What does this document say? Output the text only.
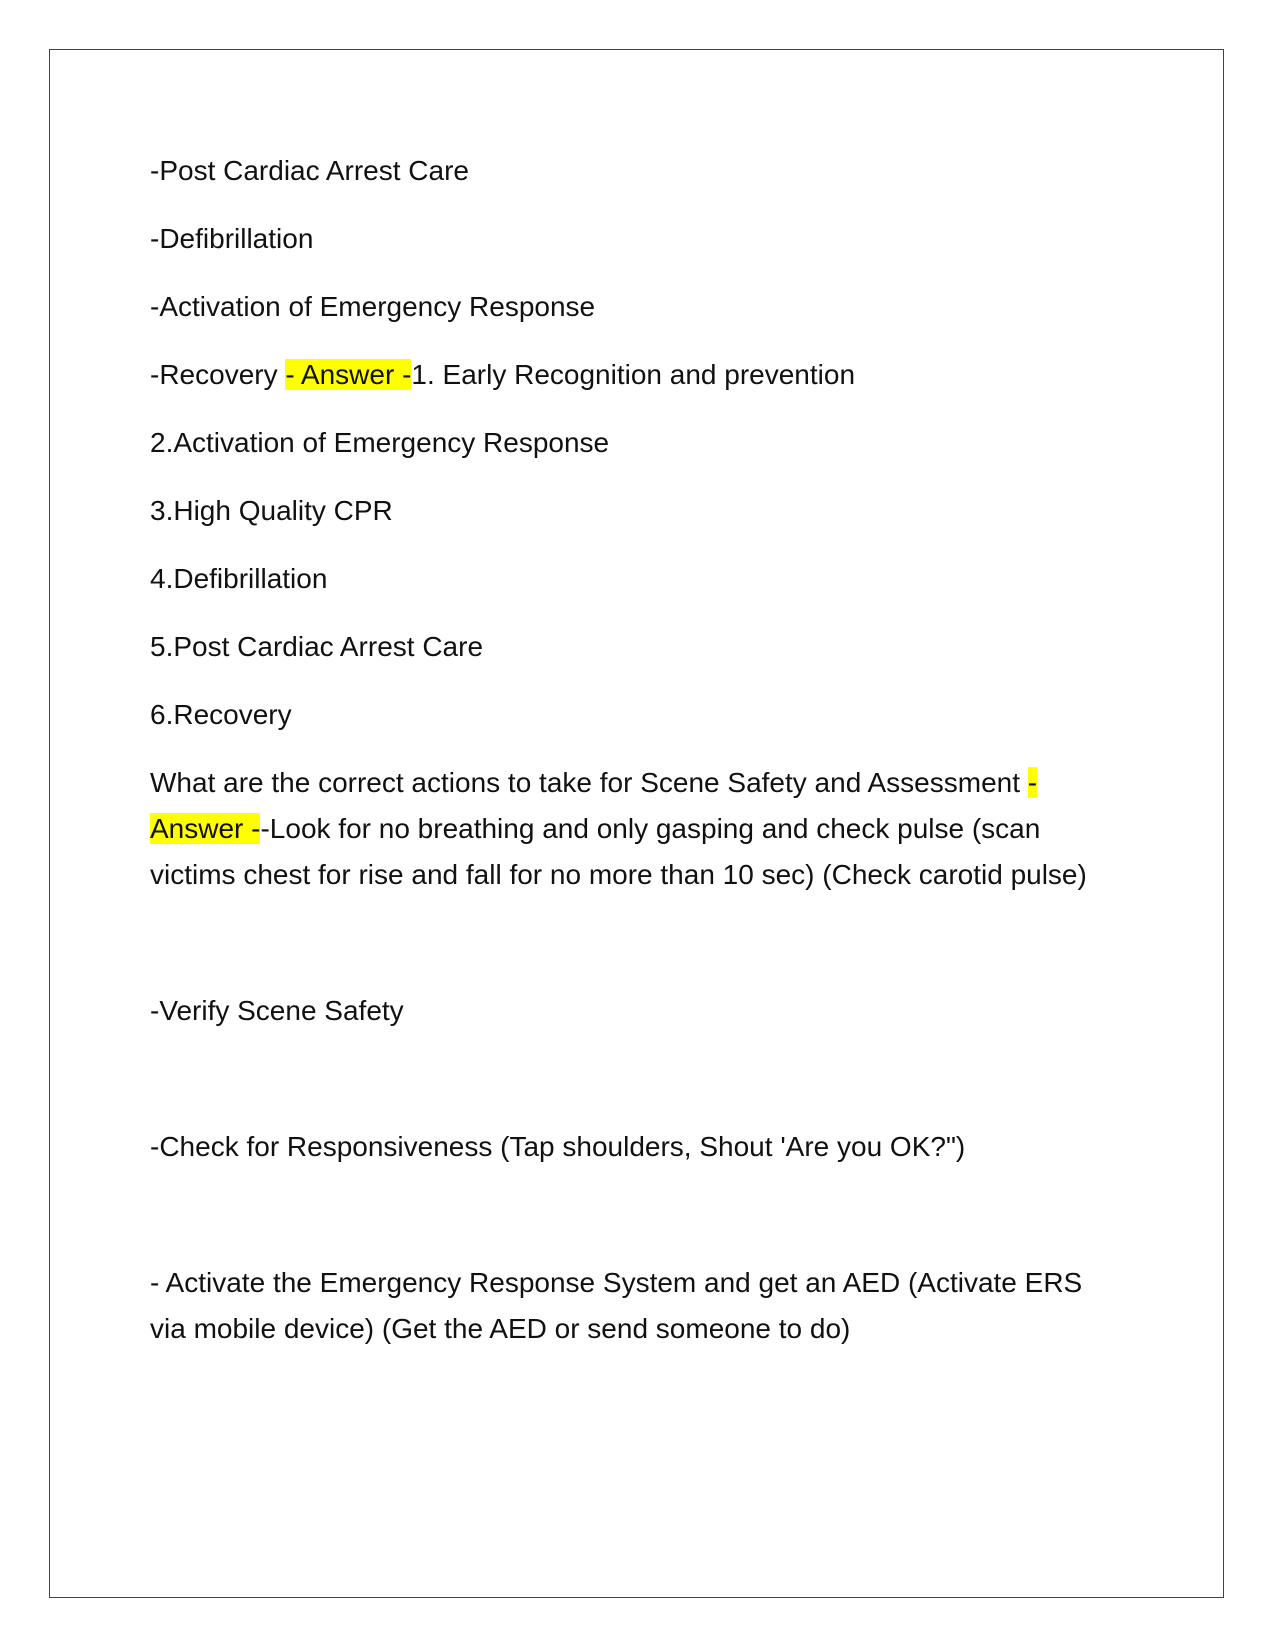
-Post Cardiac Arrest Care
-Defibrillation
-Activation of Emergency Response
-Recovery - Answer -1. Early Recognition and prevention
2.Activation of Emergency Response
3.High Quality CPR
4.Defibrillation
5.Post Cardiac Arrest Care
6.Recovery
What are the correct actions to take for Scene Safety and Assessment - Answer --Look for no breathing and only gasping and check pulse (scan victims chest for rise and fall for no more than 10 sec) (Check carotid pulse)
-Verify Scene Safety
-Check for Responsiveness (Tap shoulders, Shout 'Are you OK?")
- Activate the Emergency Response System and get an AED (Activate ERS via mobile device) (Get the AED or send someone to do)
